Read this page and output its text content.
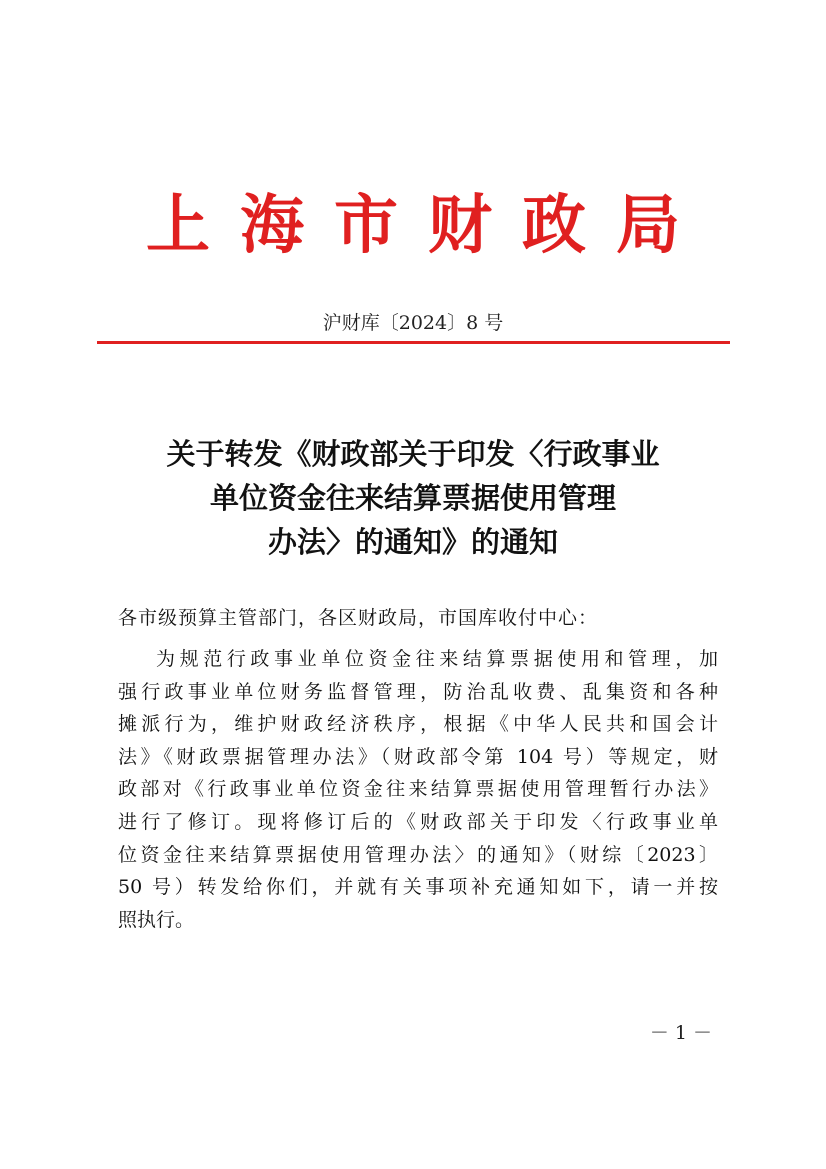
上海市财政局
沪财库〔2024〕8 号
关于转发《财政部关于印发〈行政事业
单位资金往来结算票据使用管理
办法〉的通知》的通知
各市级预算主管部门，各区财政局，市国库收付中心：
为规范行政事业单位资金往来结算票据使用和管理，加
强行政事业单位财务监督管理，防治乱收费、乱集资和各种
摊派行为，维护财政经济秩序，根据《中华人民共和国会计
法》《财政票据管理办法》（财政部令第 104 号）等规定，财
政部对《行政事业单位资金往来结算票据使用管理暂行办法》
进行了修订。现将修订后的《财政部关于印发〈行政事业单
位资金往来结算票据使用管理办法〉的通知》（财综〔2023〕
50 号）转发给你们，并就有关事项补充通知如下，请一并按
照执行。
－ 1 －
